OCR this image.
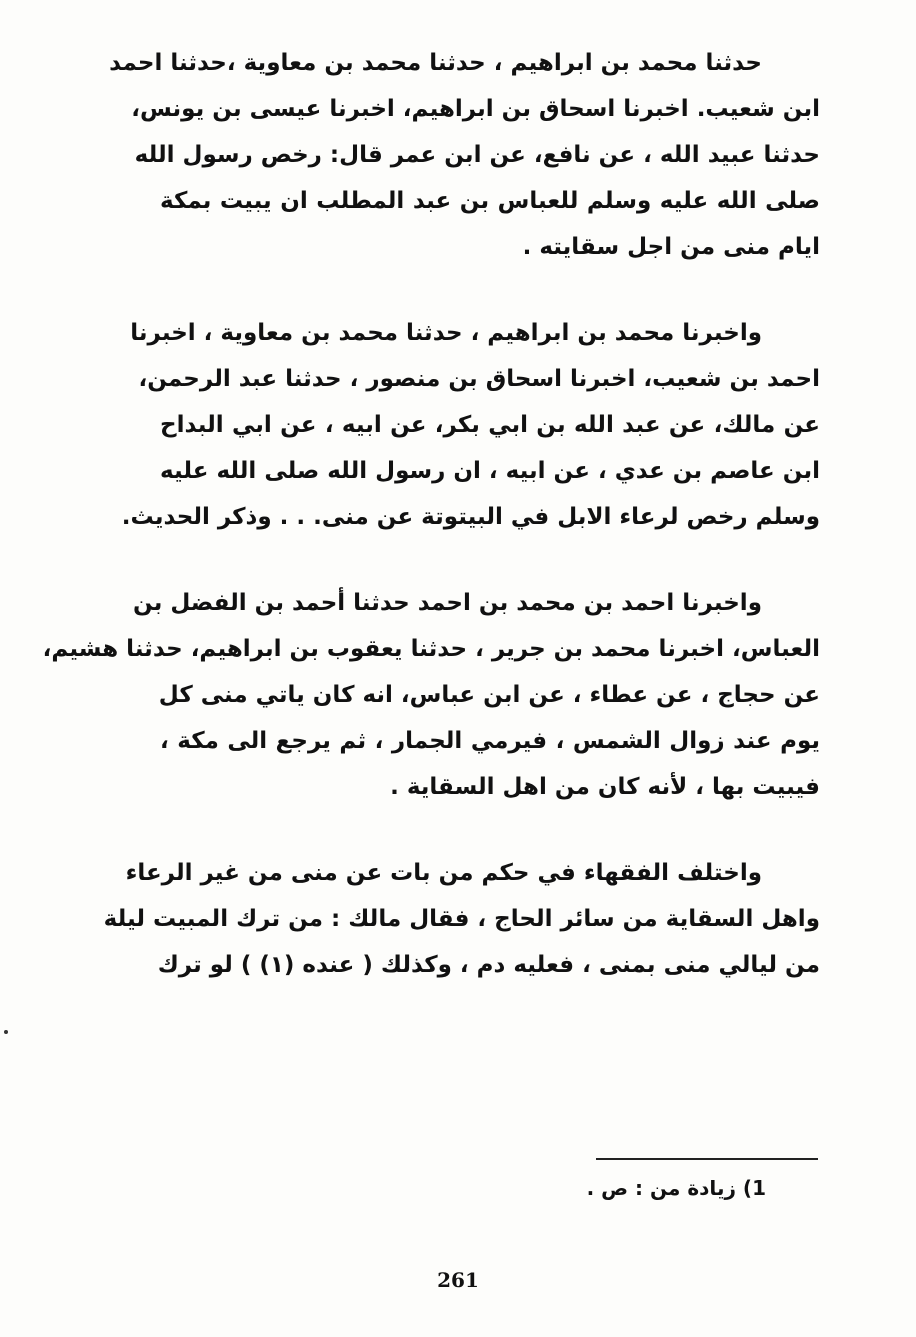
حدثنا محمد بن ابراهيم ، حدثنا محمد بن معاوية ،حدثنا احمد
ابن شعيب. اخبرنا اسحاق بن ابراهيم، اخبرنا عيسى بن يونس،
حدثنا عبيد الله ، عن نافع، عن ابن عمر قال: رخص رسول الله
صلى الله عليه وسلم للعباس بن عبد المطلب ان يبيت بمكة
ايام منى من اجل سقايته .
واخبرنا محمد بن ابراهيم ، حدثنا محمد بن معاوية ، اخبرنا
احمد بن شعيب، اخبرنا اسحاق بن منصور ، حدثنا عبد الرحمن،
عن مالك، عن عبد الله بن ابي بكر، عن ابيه ، عن ابي البداح
ابن عاصم بن عدي ، عن ابيه ، ان رسول الله صلى الله عليه
وسلم رخص لرعاء الابل في البيتوتة عن منى. . . وذكر الحديث.
واخبرنا احمد بن محمد بن احمد حدثنا أحمد بن الفضل بن
العباس، اخبرنا محمد بن جرير ، حدثنا يعقوب بن ابراهيم، حدثنا هشيم،
عن حجاج ، عن عطاء ، عن ابن عباس، انه كان ياتي منى كل
يوم عند زوال الشمس ، فيرمي الجمار ، ثم يرجع الى مكة ،
فيبيت بها ، لأنه كان من اهل السقاية .
واختلف الفقهاء في حكم من بات عن منى من غير الرعاء
واهل السقاية من سائر الحاج ، فقال مالك : من ترك المبيت ليلة
من ليالي منى بمنى ، فعليه دم ، وكذلك ( عنده (١) ) لو ترك
1) زيادة من : ص .
261
